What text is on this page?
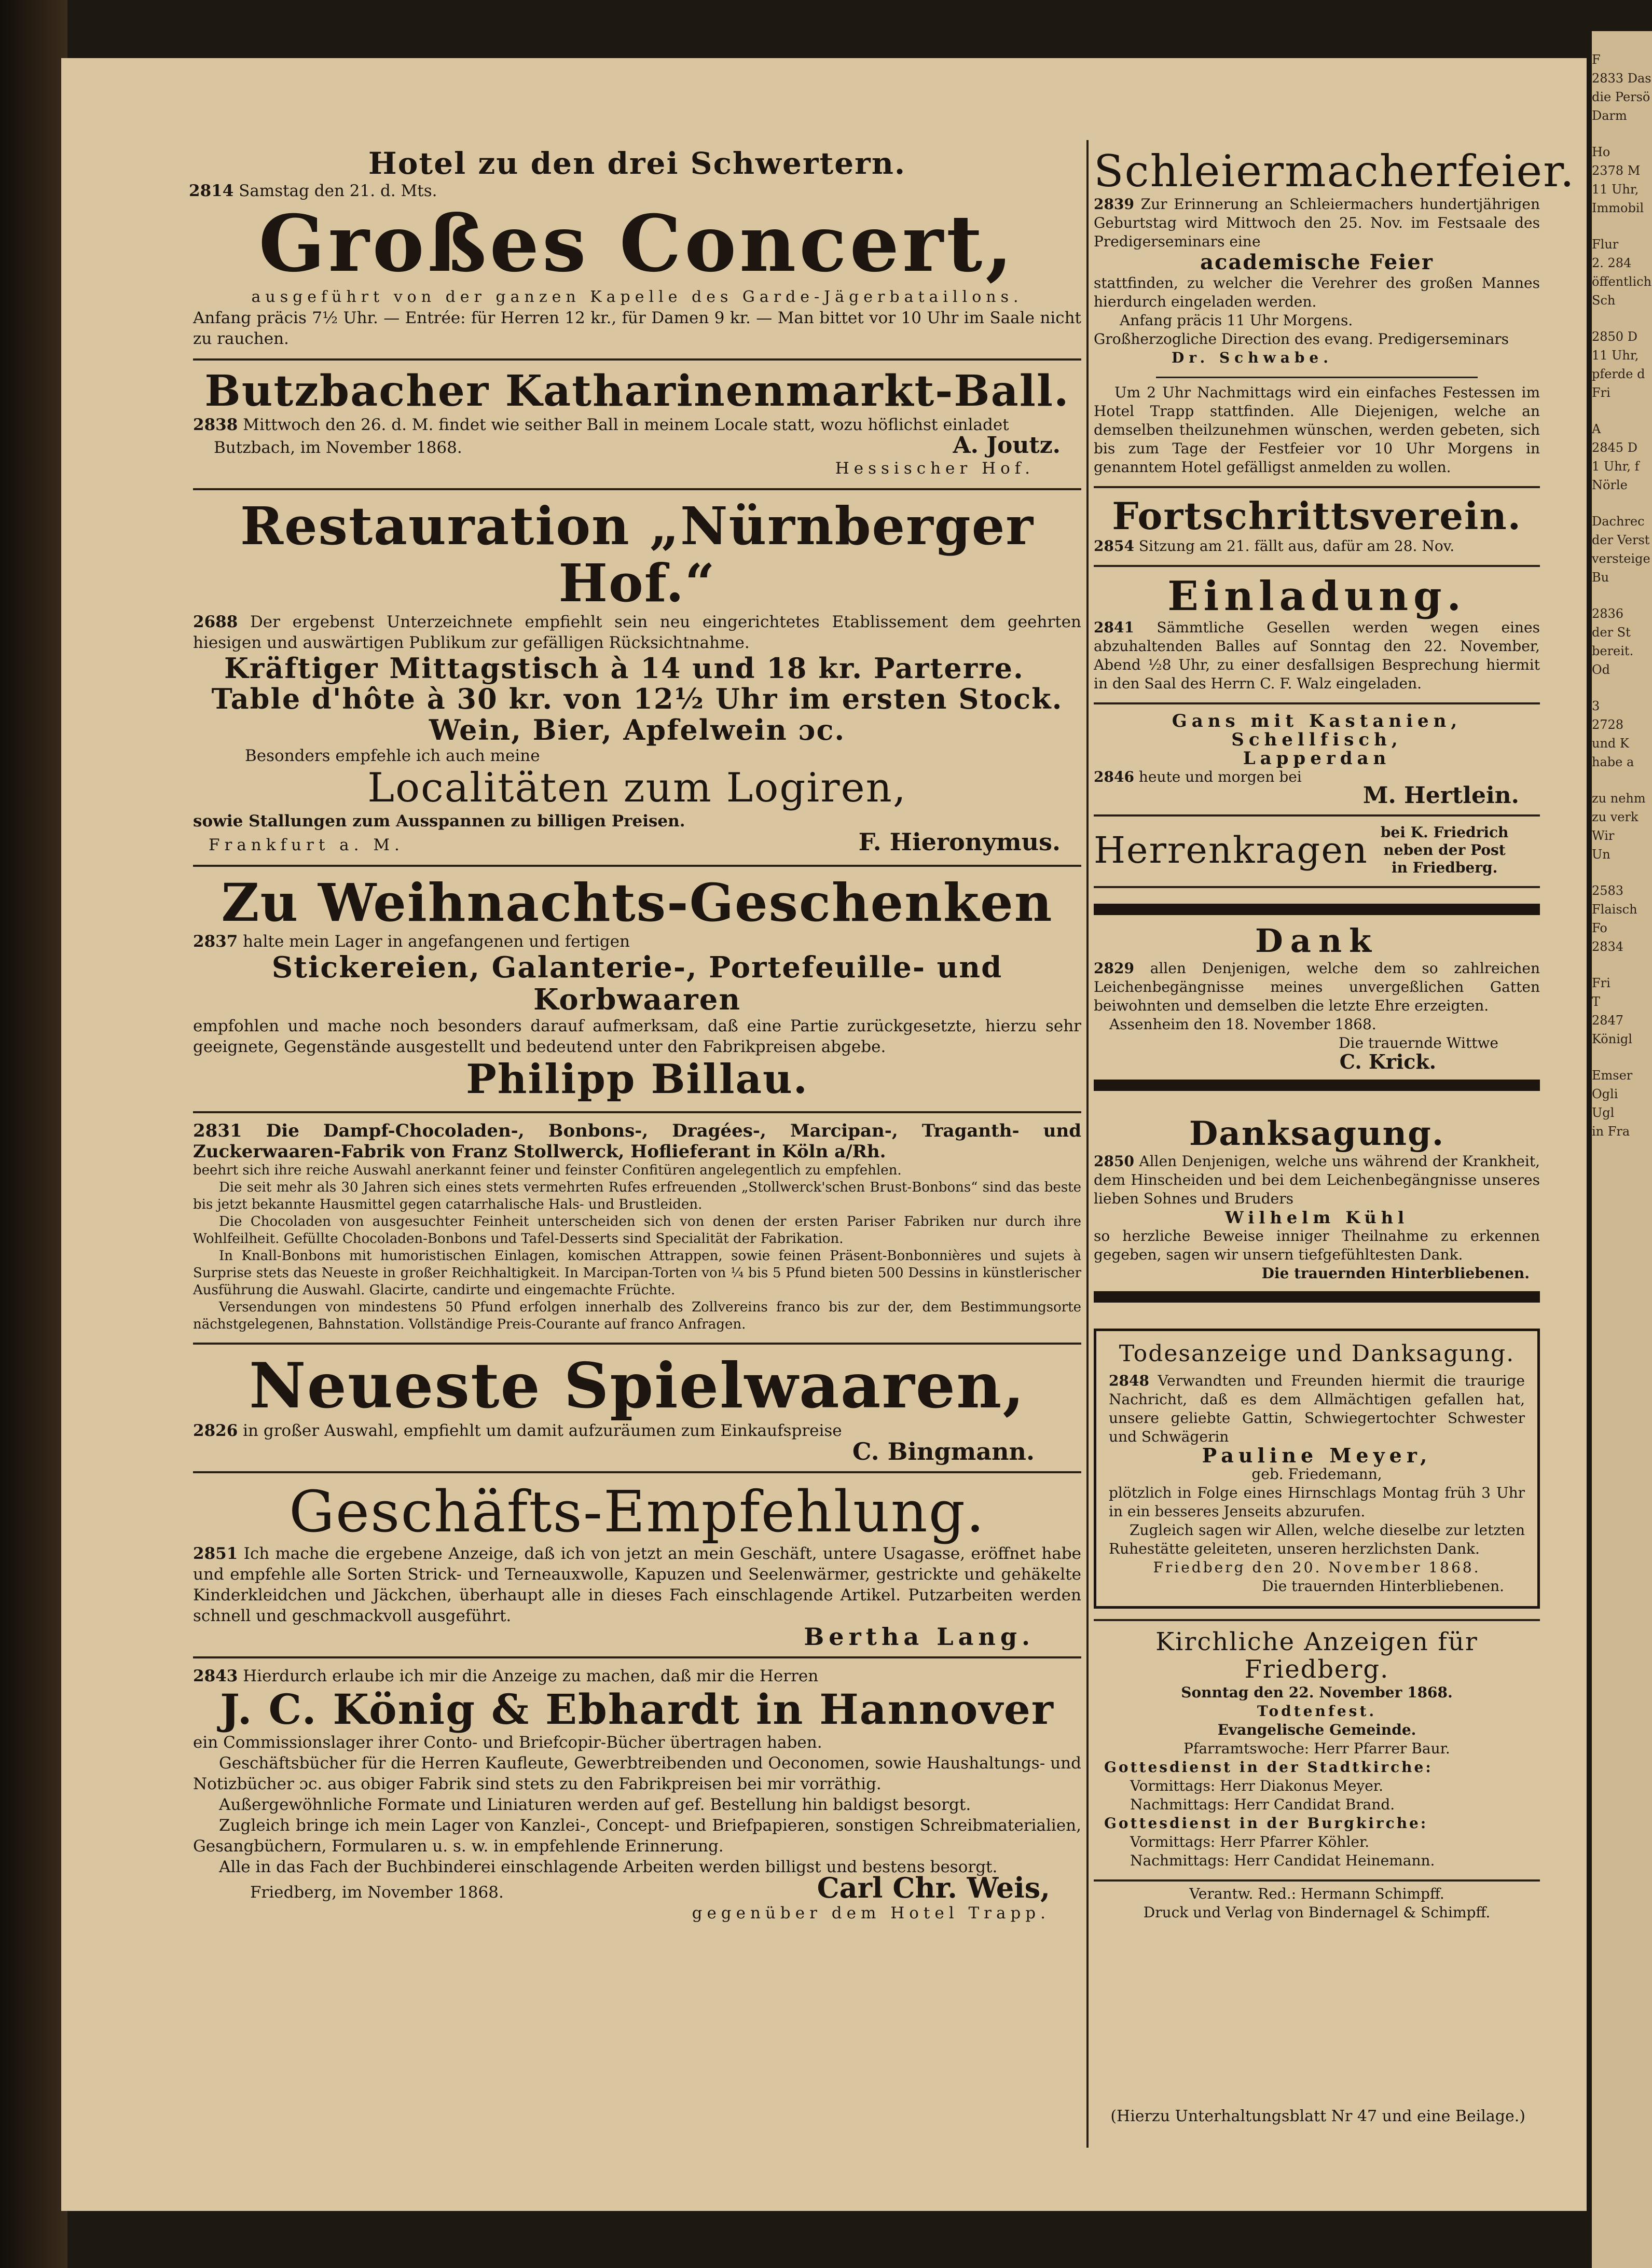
Hotel zu den drei Schwertern.
2814 Samstag den 21. d. Mts.
Großes Concert,
ausgeführt von der ganzen Kapelle des Garde-Jägerbataillons.
Anfang präcis 7½ Uhr. — Entrée: für Herren 12 kr., für Damen 9 kr. — Man bittet vor 10 Uhr im Saale nicht zu rauchen.
Butzbacher Katharinenmarkt-Ball.
2838 Mittwoch den 26. d. M. findet wie seither Ball in meinem Locale statt, wozu höflichst einladet
Butzbach, im November 1868.	A. Joutz.
Hessischer Hof.
Restauration „Nürnberger Hof.“
2688 Der ergebenst Unterzeichnete empfiehlt sein neu eingerichtetes Etablissement dem geehrten hiesigen und auswärtigen Publikum zur gefälligen Rücksichtnahme.
Kräftiger Mittagstisch à 14 und 18 kr. Parterre.
Table d'hôte à 30 kr. von 12½ Uhr im ersten Stock.
Wein, Bier, Apfelwein ɔc.
Besonders empfehle ich auch meine
Localitäten zum Logiren,
sowie Stallungen zum Ausspannen zu billigen Preisen.
Frankfurt a. M.	F. Hieronymus.
Zu Weihnachts-Geschenken
2837 halte mein Lager in angefangenen und fertigen
Stickereien, Galanterie-, Portefeuille- und Korbwaaren
empfohlen und mache noch besonders darauf aufmerksam, daß eine Partie zurückgesetzte, hierzu sehr geeignete, Gegenstände ausgestellt und bedeutend unter den Fabrikpreisen abgebe.
Philipp Billau.
2831 Die Dampf-Chocoladen-, Bonbons-, Dragées-, Marcipan-, Traganth- und Zuckerwaaren-Fabrik von Franz Stollwerck, Hoflieferant in Köln a/Rh.
beehrt sich ihre reiche Auswahl anerkannt feiner und feinster Confitüren angelegentlich zu empfehlen.
Die seit mehr als 30 Jahren sich eines stets vermehrten Rufes erfreuenden „Stollwerck'schen Brust-Bonbons“ sind das beste bis jetzt bekannte Hausmittel gegen catarrhalische Hals- und Brustleiden.
Die Chocoladen von ausgesuchter Feinheit unterscheiden sich von denen der ersten Pariser Fabriken nur durch ihre Wohlfeilheit. Gefüllte Chocoladen-Bonbons und Tafel-Desserts sind Specialität der Fabrikation.
In Knall-Bonbons mit humoristischen Einlagen, komischen Attrappen, sowie feinen Präsent-Bonbonnières und sujets à Surprise stets das Neueste in großer Reichhaltigkeit. In Marcipan-Torten von ¼ bis 5 Pfund bieten 500 Dessins in künstlerischer Ausführung die Auswahl. Glacirte, candirte und eingemachte Früchte.
Versendungen von mindestens 50 Pfund erfolgen innerhalb des Zollvereins franco bis zur der, dem Bestimmungsorte nächstgelegenen, Bahnstation. Vollständige Preis-Courante auf franco Anfragen.
Neueste Spielwaaren,
2826 in großer Auswahl, empfiehlt um damit aufzuräumen zum Einkaufspreise
C. Bingmann.
Geschäfts-Empfehlung.
2851 Ich mache die ergebene Anzeige, daß ich von jetzt an mein Geschäft, untere Usagasse, eröffnet habe und empfehle alle Sorten Strick- und Terneauxwolle, Kapuzen und Seelenwärmer, gestrickte und gehäkelte Kinderkleidchen und Jäckchen, überhaupt alle in dieses Fach einschlagende Artikel. Putzarbeiten werden schnell und geschmackvoll ausgeführt.
Bertha Lang.
2843 Hierdurch erlaube ich mir die Anzeige zu machen, daß mir die Herren
J. C. König & Ebhardt in Hannover
ein Commissionslager ihrer Conto- und Briefcopir-Bücher übertragen haben.
Geschäftsbücher für die Herren Kaufleute, Gewerbtreibenden und Oeconomen, sowie Haushaltungs- und Notizbücher ɔc. aus obiger Fabrik sind stets zu den Fabrikpreisen bei mir vorräthig.
Außergewöhnliche Formate und Liniaturen werden auf gef. Bestellung hin baldigst besorgt.
Zugleich bringe ich mein Lager von Kanzlei-, Concept- und Briefpapieren, sonstigen Schreibmaterialien, Gesangbüchern, Formularen u. s. w. in empfehlende Erinnerung.
Alle in das Fach der Buchbinderei einschlagende Arbeiten werden billigst und bestens besorgt.
Friedberg, im November 1868.	Carl Chr. Weis,
gegenüber dem Hotel Trapp.
Schleiermacherfeier.
2839 Zur Erinnerung an Schleiermachers hundertjährigen Geburtstag wird Mittwoch den 25. Nov. im Festsaale des Predigerseminars eine
academische Feier
stattfinden, zu welcher die Verehrer des großen Mannes hierdurch eingeladen werden.
Anfang präcis 11 Uhr Morgens.
Großherzogliche Direction des evang. Predigerseminars
Dr. Schwabe.
Um 2 Uhr Nachmittags wird ein einfaches Festessen im Hotel Trapp stattfinden. Alle Diejenigen, welche an demselben theilzunehmen wünschen, werden gebeten, sich bis zum Tage der Festfeier vor 10 Uhr Morgens in genanntem Hotel gefälligst anmelden zu wollen.
Fortschrittsverein.
2854 Sitzung am 21. fällt aus, dafür am 28. Nov.
Einladung.
2841 Sämmtliche Gesellen werden wegen eines abzuhaltenden Balles auf Sonntag den 22. November, Abend ½8 Uhr, zu einer desfallsigen Besprechung hiermit in den Saal des Herrn C. F. Walz eingeladen.
Gans mit Kastanien,
Schellfisch,
Lapperdan
2846 heute und morgen bei
M. Hertlein.
Herrenkragen bei K. Friedrich
neben der Post
in Friedberg.
Dank
2829 allen Denjenigen, welche dem so zahlreichen Leichenbegängnisse meines unvergeßlichen Gatten beiwohnten und demselben die letzte Ehre erzeigten.
Assenheim den 18. November 1868.
Die trauernde Wittwe
C. Krick.
Danksagung.
2850 Allen Denjenigen, welche uns während der Krankheit, dem Hinscheiden und bei dem Leichenbegängnisse unseres lieben Sohnes und Bruders
Wilhelm Kühl
so herzliche Beweise inniger Theilnahme zu erkennen gegeben, sagen wir unsern tiefgefühltesten Dank.
Die trauernden Hinterbliebenen.
Todesanzeige und Danksagung.
2848 Verwandten und Freunden hiermit die traurige Nachricht, daß es dem Allmächtigen gefallen hat, unsere geliebte Gattin, Schwiegertochter Schwester und Schwägerin
Pauline Meyer,
geb. Friedemann,
plötzlich in Folge eines Hirnschlags Montag früh 3 Uhr in ein besseres Jenseits abzurufen.
Zugleich sagen wir Allen, welche dieselbe zur letzten Ruhestätte geleiteten, unseren herzlichsten Dank.
Friedberg den 20. November 1868.
Die trauernden Hinterbliebenen.
Kirchliche Anzeigen für Friedberg.
Sonntag den 22. November 1868.
Todtenfest.
Evangelische Gemeinde.
Pfarramtswoche: Herr Pfarrer Baur.
Gottesdienst in der Stadtkirche:
Vormittags: Herr Diakonus Meyer.
Nachmittags: Herr Candidat Brand.
Gottesdienst in der Burgkirche:
Vormittags: Herr Pfarrer Köhler.
Nachmittags: Herr Candidat Heinemann.
Verantw. Red.: Hermann Schimpff.
Druck und Verlag von Bindernagel & Schimpff.
(Hierzu Unterhaltungsblatt Nr 47 und eine Beilage.)
F
2833 Das
die Persö
Darm
Ho
2378 M
11 Uhr,
Immobil
Flur
2. 284
öffentlich
Sch
2850 D
11 Uhr,
pferde d
Fri
A
2845 D
1 Uhr, f
Nörle
Dachrec
der Verst
versteige
Bu
2836
der St
bereit.
Od
3
2728
und K
habe a
zu nehm
zu verk
Wir
Un
2583
Flaisch
Fo
2834
Fri
T
2847
Königl
Emser
Ogli
Ugl
in Fra
